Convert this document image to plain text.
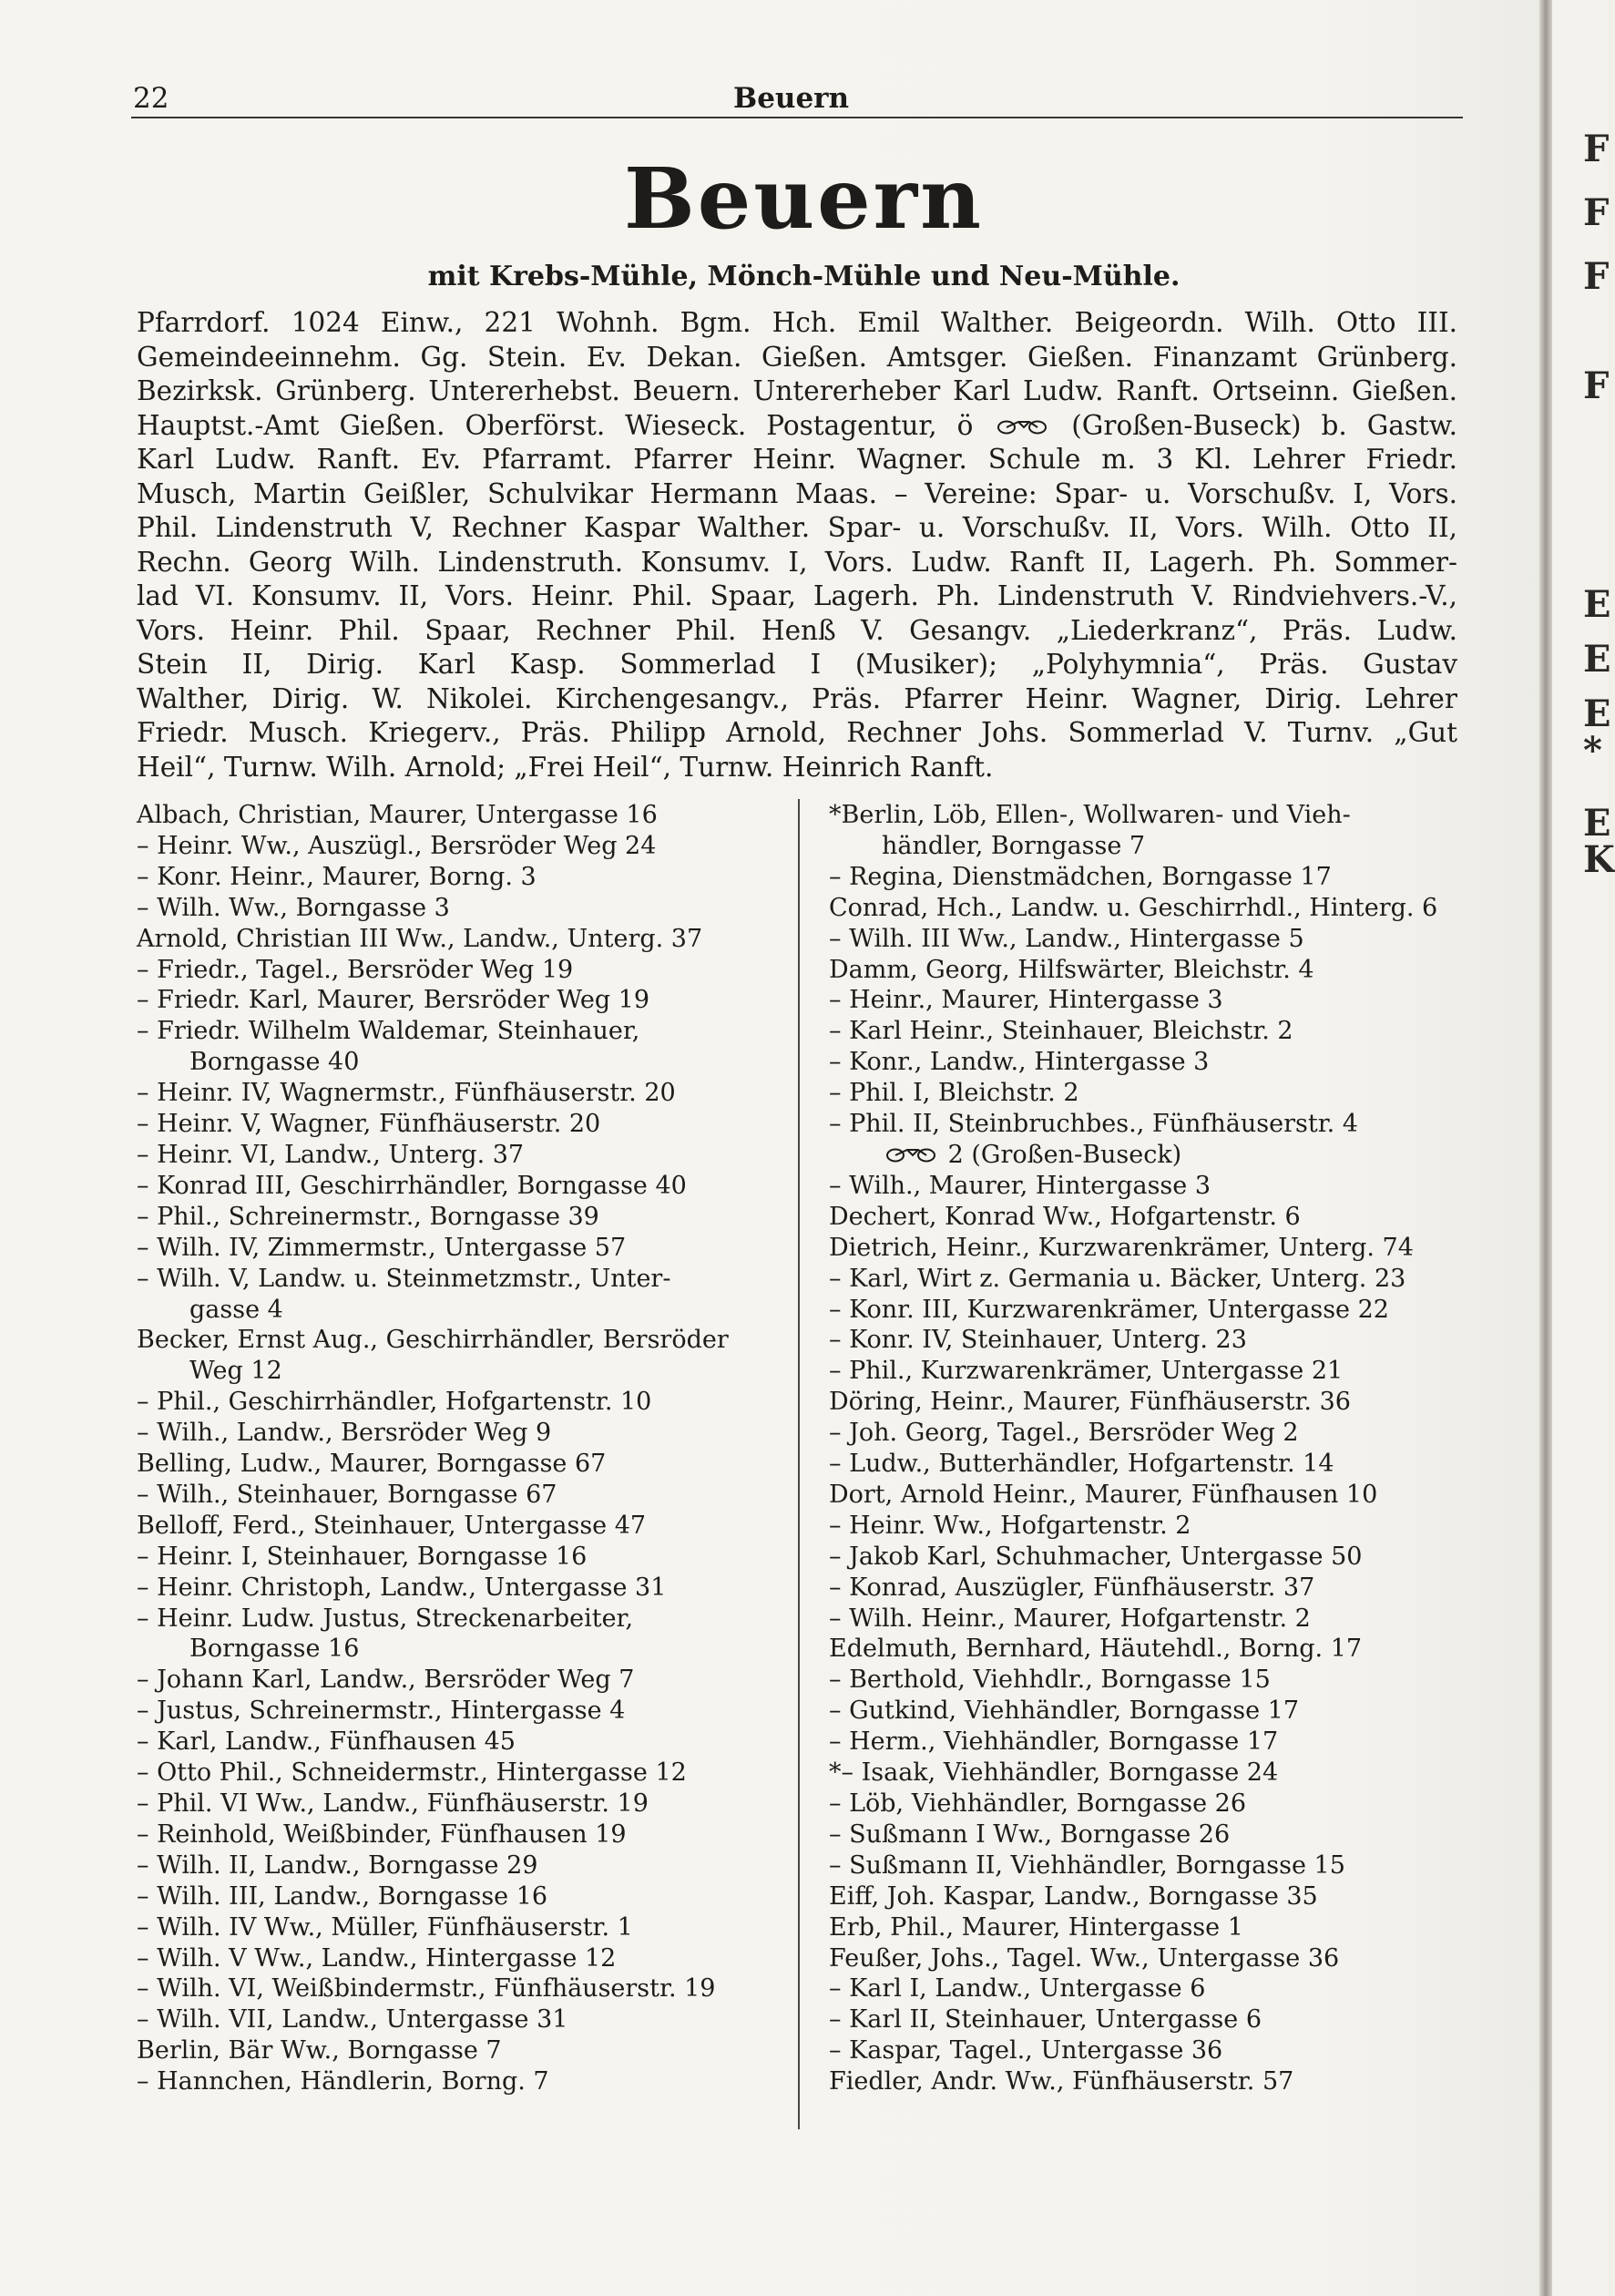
F
F
F
F
E
E
E
*
E
K
22	Beuern
Beuern
mit Krebs-Mühle, Mönch-Mühle und Neu-Mühle.
Pfarrdorf. 1024 Einw., 221 Wohnh. Bgm. Hch. Emil Walther. Beigeordn. Wilh. Otto III.
Gemeindeeinnehm. Gg. Stein. Ev. Dekan. Gießen. Amtsger. Gießen. Finanzamt Grünberg.
Bezirksk. Grünberg. Untererhebst. Beuern. Untererheber Karl Ludw. Ranft. Ortseinn. Gießen.
Hauptst.-Amt Gießen. Oberförst. Wieseck. Postagentur, ö	(Großen-Buseck) b. Gastw.
Karl Ludw. Ranft. Ev. Pfarramt. Pfarrer Heinr. Wagner. Schule m. 3 Kl. Lehrer Friedr.
Musch, Martin Geißler, Schulvikar Hermann Maas. – Vereine: Spar- u. Vorschußv. I, Vors.
Phil. Lindenstruth V, Rechner Kaspar Walther. Spar- u. Vorschußv. II, Vors. Wilh. Otto II,
Rechn. Georg Wilh. Lindenstruth. Konsumv. I, Vors. Ludw. Ranft II, Lagerh. Ph. Sommer-
lad VI. Konsumv. II, Vors. Heinr. Phil. Spaar, Lagerh. Ph. Lindenstruth V. Rindviehvers.-V.,
Vors. Heinr. Phil. Spaar, Rechner Phil. Henß V. Gesangv. „Liederkranz“, Präs. Ludw.
Stein II, Dirig. Karl Kasp. Sommerlad I (Musiker); „Polyhymnia“, Präs. Gustav
Walther, Dirig. W. Nikolei. Kirchengesangv., Präs. Pfarrer Heinr. Wagner, Dirig. Lehrer
Friedr. Musch. Kriegerv., Präs. Philipp Arnold, Rechner Johs. Sommerlad V. Turnv. „Gut
Heil“, Turnw. Wilh. Arnold; „Frei Heil“, Turnw. Heinrich Ranft.
Albach, Christian, Maurer, Untergasse 16
– Heinr. Ww., Auszügl., Bersröder Weg 24
– Konr. Heinr., Maurer, Borng. 3
– Wilh. Ww., Borngasse 3
Arnold, Christian III Ww., Landw., Unterg. 37
– Friedr., Tagel., Bersröder Weg 19
– Friedr. Karl, Maurer, Bersröder Weg 19
– Friedr. Wilhelm Waldemar, Steinhauer,
Borngasse 40
– Heinr. IV, Wagnermstr., Fünfhäuserstr. 20
– Heinr. V, Wagner, Fünfhäuserstr. 20
– Heinr. VI, Landw., Unterg. 37
– Konrad III, Geschirrhändler, Borngasse 40
– Phil., Schreinermstr., Borngasse 39
– Wilh. IV, Zimmermstr., Untergasse 57
– Wilh. V, Landw. u. Steinmetzmstr., Unter-
gasse 4
Becker, Ernst Aug., Geschirrhändler, Bersröder
Weg 12
– Phil., Geschirrhändler, Hofgartenstr. 10
– Wilh., Landw., Bersröder Weg 9
Belling, Ludw., Maurer, Borngasse 67
– Wilh., Steinhauer, Borngasse 67
Belloff, Ferd., Steinhauer, Untergasse 47
– Heinr. I, Steinhauer, Borngasse 16
– Heinr. Christoph, Landw., Untergasse 31
– Heinr. Ludw. Justus, Streckenarbeiter,
Borngasse 16
– Johann Karl, Landw., Bersröder Weg 7
– Justus, Schreinermstr., Hintergasse 4
– Karl, Landw., Fünfhausen 45
– Otto Phil., Schneidermstr., Hintergasse 12
– Phil. VI Ww., Landw., Fünfhäuserstr. 19
– Reinhold, Weißbinder, Fünfhausen 19
– Wilh. II, Landw., Borngasse 29
– Wilh. III, Landw., Borngasse 16
– Wilh. IV Ww., Müller, Fünfhäuserstr. 1
– Wilh. V Ww., Landw., Hintergasse 12
– Wilh. VI, Weißbindermstr., Fünfhäuserstr. 19
– Wilh. VII, Landw., Untergasse 31
Berlin, Bär Ww., Borngasse 7
– Hannchen, Händlerin, Borng. 7
*Berlin, Löb, Ellen-, Wollwaren- und Vieh-
händler, Borngasse 7
– Regina, Dienstmädchen, Borngasse 17
Conrad, Hch., Landw. u. Geschirrhdl., Hinterg. 6
– Wilh. III Ww., Landw., Hintergasse 5
Damm, Georg, Hilfswärter, Bleichstr. 4
– Heinr., Maurer, Hintergasse 3
– Karl Heinr., Steinhauer, Bleichstr. 2
– Konr., Landw., Hintergasse 3
– Phil. I, Bleichstr. 2
– Phil. II, Steinbruchbes., Fünfhäuserstr. 4
2 (Großen-Buseck)
– Wilh., Maurer, Hintergasse 3
Dechert, Konrad Ww., Hofgartenstr. 6
Dietrich, Heinr., Kurzwarenkrämer, Unterg. 74
– Karl, Wirt z. Germania u. Bäcker, Unterg. 23
– Konr. III, Kurzwarenkrämer, Untergasse 22
– Konr. IV, Steinhauer, Unterg. 23
– Phil., Kurzwarenkrämer, Untergasse 21
Döring, Heinr., Maurer, Fünfhäuserstr. 36
– Joh. Georg, Tagel., Bersröder Weg 2
– Ludw., Butterhändler, Hofgartenstr. 14
Dort, Arnold Heinr., Maurer, Fünfhausen 10
– Heinr. Ww., Hofgartenstr. 2
– Jakob Karl, Schuhmacher, Untergasse 50
– Konrad, Auszügler, Fünfhäuserstr. 37
– Wilh. Heinr., Maurer, Hofgartenstr. 2
Edelmuth, Bernhard, Häutehdl., Borng. 17
– Berthold, Viehhdlr., Borngasse 15
– Gutkind, Viehhändler, Borngasse 17
– Herm., Viehhändler, Borngasse 17
*– Isaak, Viehhändler, Borngasse 24
– Löb, Viehhändler, Borngasse 26
– Sußmann I Ww., Borngasse 26
– Sußmann II, Viehhändler, Borngasse 15
Eiff, Joh. Kaspar, Landw., Borngasse 35
Erb, Phil., Maurer, Hintergasse 1
Feußer, Johs., Tagel. Ww., Untergasse 36
– Karl I, Landw., Untergasse 6
– Karl II, Steinhauer, Untergasse 6
– Kaspar, Tagel., Untergasse 36
Fiedler, Andr. Ww., Fünfhäuserstr. 57
